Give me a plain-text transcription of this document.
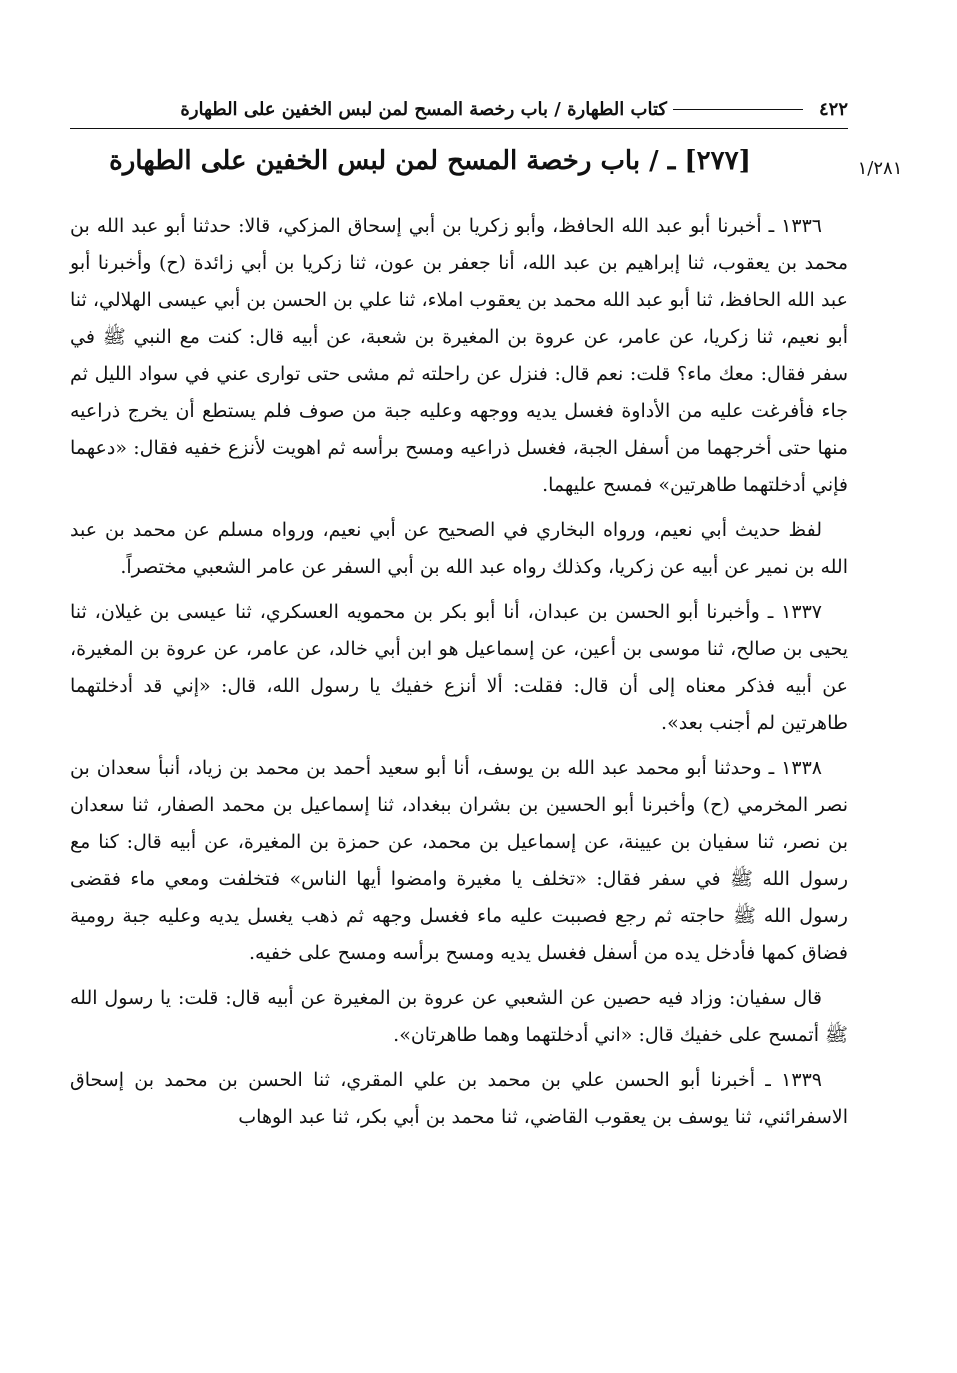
٤٢٢
كتاب الطهارة / باب رخصة المسح لمن لبس الخفين على الطهارة
١/٢٨١
[٢٧٧] ـ / باب رخصة المسح لمن لبس الخفين على الطهارة

١٣٣٦ ـ أخبرنا أبو عبد الله الحافظ، وأبو زكريا بن أبي إسحاق المزكي، قالا: حدثنا أبو عبد الله بن محمد بن يعقوب، ثنا إبراهيم بن عبد الله، أنا جعفر بن عون، ثنا زكريا بن أبي زائدة (ح) وأخبرنا أبو عبد الله الحافظ، ثنا أبو عبد الله محمد بن يعقوب املاء، ثنا علي بن الحسن بن أبي عيسى الهلالي، ثنا أبو نعيم، ثنا زكريا، عن عامر، عن عروة بن المغيرة بن شعبة، عن أبيه قال: كنت مع النبي ﷺ في سفر فقال: معك ماء؟ قلت: نعم قال: فنزل عن راحلته ثم مشى حتى توارى عني في سواد الليل ثم جاء فأفرغت عليه من الأداوة فغسل يديه ووجهه وعليه جبة من صوف فلم يستطع أن يخرج ذراعيه منها حتى أخرجهما من أسفل الجبة، فغسل ذراعيه ومسح برأسه ثم اهويت لأنزع خفيه فقال: «دعهما فإني أدخلتهما طاهرتين» فمسح عليهما.

لفظ حديث أبي نعيم، ورواه البخاري في الصحيح عن أبي نعيم، ورواه مسلم عن محمد بن عبد الله بن نمير عن أبيه عن زكريا، وكذلك رواه عبد الله بن أبي السفر عن عامر الشعبي مختصراً.

١٣٣٧ ـ وأخبرنا أبو الحسن بن عبدان، أنا أبو بكر بن محمويه العسكري، ثنا عيسى بن غيلان، ثنا يحيى بن صالح، ثنا موسى بن أعين، عن إسماعيل هو ابن أبي خالد، عن عامر، عن عروة بن المغيرة، عن أبيه فذكر معناه إلى أن قال: فقلت: ألا أنزع خفيك يا رسول الله، قال: «إني قد أدخلتهما طاهرتين لم أجنب بعد».

١٣٣٨ ـ وحدثنا أبو محمد عبد الله بن يوسف، أنا أبو سعيد أحمد بن محمد بن زياد، أنبأ سعدان بن نصر المخرمي (ح) وأخبرنا أبو الحسين بن بشران ببغداد، ثنا إسماعيل بن محمد الصفار، ثنا سعدان بن نصر، ثنا سفيان بن عيينة، عن إسماعيل بن محمد، عن حمزة بن المغيرة، عن أبيه قال: كنا مع رسول الله ﷺ في سفر فقال: «تخلف يا مغيرة وامضوا أيها الناس» فتخلفت ومعي ماء فقضى رسول الله ﷺ حاجته ثم رجع فصببت عليه ماء فغسل وجهه ثم ذهب يغسل يديه وعليه جبة رومية فضاق كمها فأدخل يده من أسفل فغسل يديه ومسح برأسه ومسح على خفيه.

قال سفيان: وزاد فيه حصين عن الشعبي عن عروة بن المغيرة عن أبيه قال: قلت: يا رسول الله ﷺ أتمسح على خفيك قال: «اني أدخلتهما وهما طاهرتان».

١٣٣٩ ـ أخبرنا أبو الحسن علي بن محمد بن علي المقري، ثنا الحسن بن محمد بن إسحاق الاسفرائني، ثنا يوسف بن يعقوب القاضي، ثنا محمد بن أبي بكر، ثنا عبد الوهاب
